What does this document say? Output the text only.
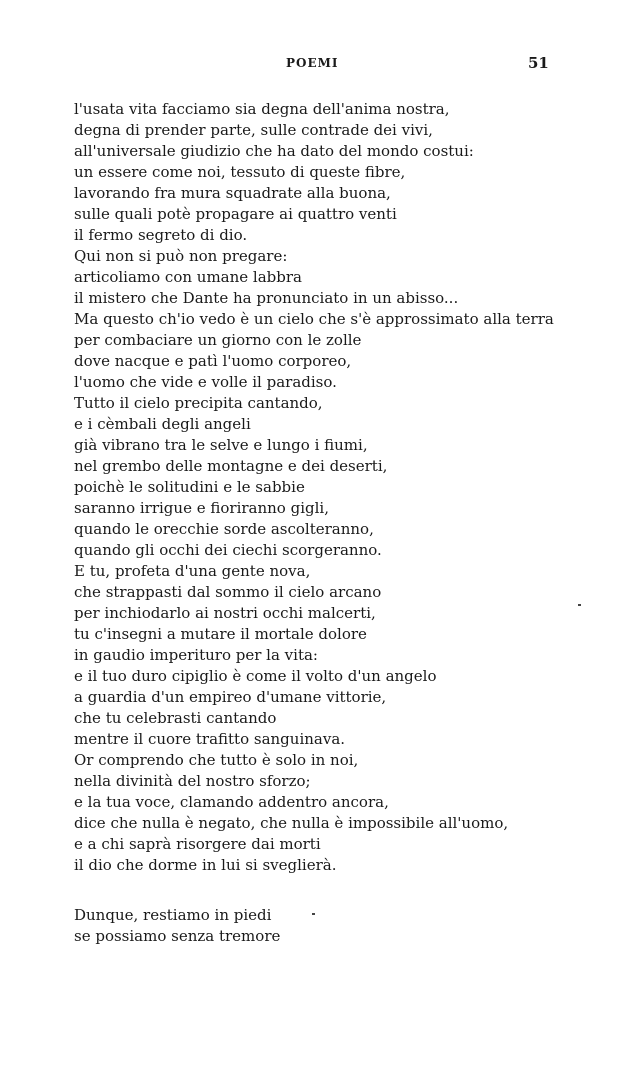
POEMI	51
l'usata vita facciamo sia degna dell'anima nostra,
degna di prender parte, sulle contrade dei vivi,
all'universale giudizio che ha dato del mondo costui:
un essere come noi, tessuto di queste fibre,
lavorando fra mura squadrate alla buona,
sulle quali potè propagare ai quattro venti
il fermo segreto di dio.
Qui non si può non pregare:
articoliamo con umane labbra
il mistero che Dante ha pronunciato in un abisso...
Ma questo ch'io vedo è un cielo che s'è approssimato alla terra
per combaciare un giorno con le zolle
dove nacque e patì l'uomo corporeo,
l'uomo che vide e volle il paradiso.
Tutto il cielo precipita cantando,
e i cèmbali degli angeli
già vibrano tra le selve e lungo i fiumi,
nel grembo delle montagne e dei deserti,
poichè le solitudini e le sabbie
saranno irrigue e fioriranno gigli,
quando le orecchie sorde ascolteranno,
quando gli occhi dei ciechi scorgeranno.
E tu, profeta d'una gente nova,
che strappasti dal sommo il cielo arcano
per inchiodarlo ai nostri occhi malcerti,
tu c'insegni a mutare il mortale dolore
in gaudio imperituro per la vita:
e il tuo duro cipiglio è come il volto d'un angelo
a guardia d'un empireo d'umane vittorie,
che tu celebrasti cantando
mentre il cuore trafitto sanguinava.
Or comprendo che tutto è solo in noi,
nella divinità del nostro sforzo;
e la tua voce, clamando addentro ancora,
dice che nulla è negato, che nulla è impossibile all'uomo,
e a chi saprà risorgere dai morti
il dio che dorme in lui si sveglierà.
Dunque, restiamo in piedi
se possiamo senza tremore
